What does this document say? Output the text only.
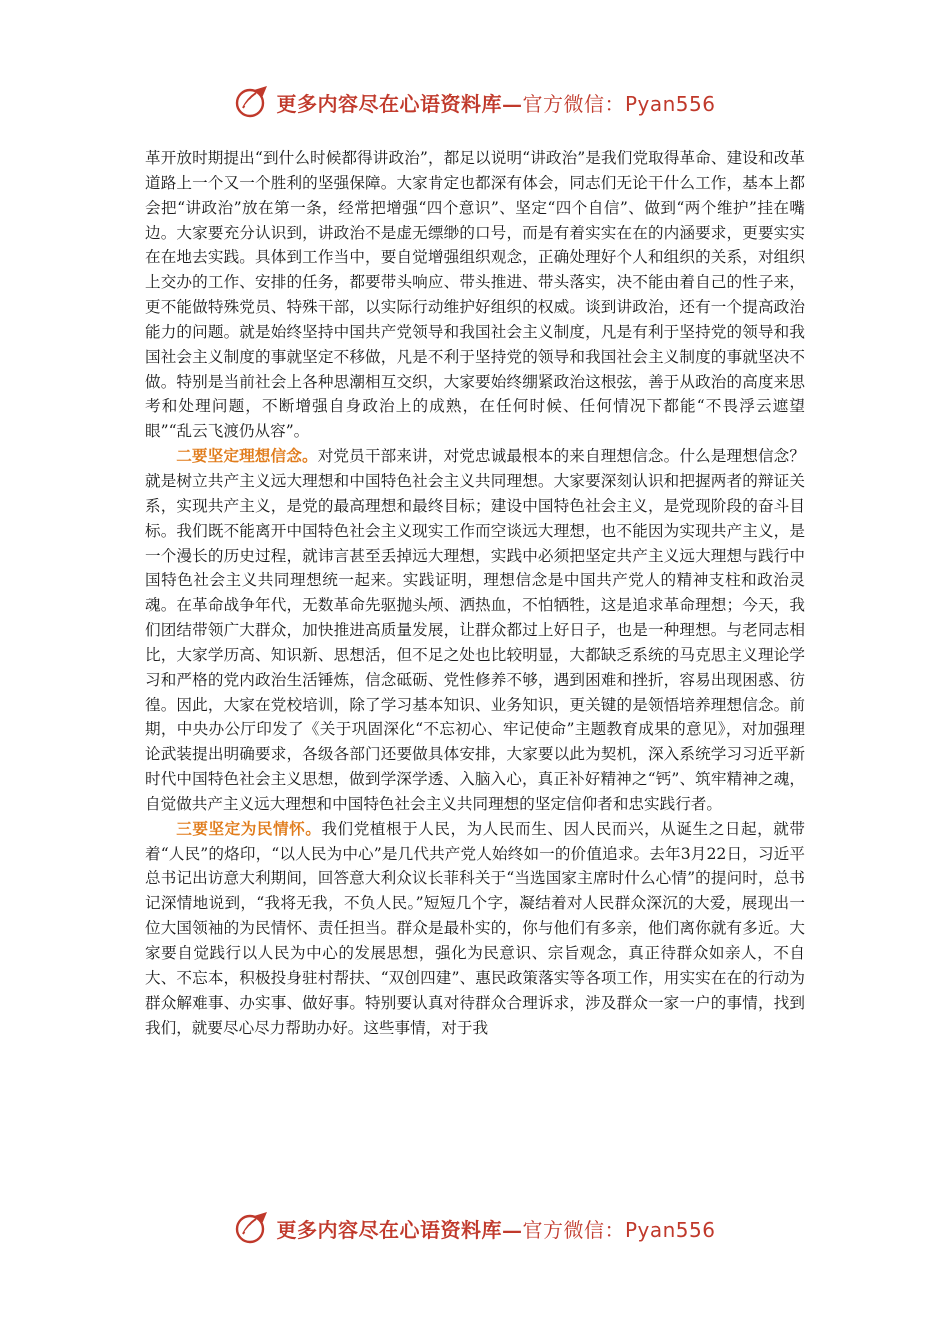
更多内容尽在心语资料库—官方微信：Pyan556

革开放时期提出“到什么时候都得讲政治”，都足以说明“讲政治”是我们党取得革命、建设和改革道路上一个又一个胜利的坚强保障。大家肯定也都深有体会，同志们无论干什么工作，基本上都会把“讲政治”放在第一条，经常把增强“四个意识”、坚定“四个自信”、做到“两个维护”挂在嘴边。大家要充分认识到，讲政治不是虚无缥缈的口号，而是有着实实在在的内涵要求，更要实实在在地去实践。具体到工作当中，要自觉增强组织观念，正确处理好个人和组织的关系，对组织上交办的工作、安排的任务，都要带头响应、带头推进、带头落实，决不能由着自己的性子来，更不能做特殊党员、特殊干部，以实际行动维护好组织的权威。谈到讲政治，还有一个提高政治能力的问题。就是始终坚持中国共产党领导和我国社会主义制度，凡是有利于坚持党的领导和我国社会主义制度的事就坚定不移做，凡是不利于坚持党的领导和我国社会主义制度的事就坚决不做。特别是当前社会上各种思潮相互交织，大家要始终绷紧政治这根弦，善于从政治的高度来思考和处理问题，不断增强自身政治上的成熟，在任何时候、任何情况下都能“不畏浮云遮望眼”“乱云飞渡仍从容”。

二要坚定理想信念。对党员干部来讲，对党忠诚最根本的来自理想信念。什么是理想信念？就是树立共产主义远大理想和中国特色社会主义共同理想。大家要深刻认识和把握两者的辩证关系，实现共产主义，是党的最高理想和最终目标；建设中国特色社会主义，是党现阶段的奋斗目标。我们既不能离开中国特色社会主义现实工作而空谈远大理想，也不能因为实现共产主义，是一个漫长的历史过程，就讳言甚至丢掉远大理想，实践中必须把坚定共产主义远大理想与践行中国特色社会主义共同理想统一起来。实践证明，理想信念是中国共产党人的精神支柱和政治灵魂。在革命战争年代，无数革命先驱抛头颅、洒热血，不怕牺牲，这是追求革命理想；今天，我们团结带领广大群众，加快推进高质量发展，让群众都过上好日子，也是一种理想。与老同志相比，大家学历高、知识新、思想活，但不足之处也比较明显，大都缺乏系统的马克思主义理论学习和严格的党内政治生活锤炼，信念砥砺、党性修养不够，遇到困难和挫折，容易出现困惑、彷徨。因此，大家在党校培训，除了学习基本知识、业务知识，更关键的是领悟培养理想信念。前期，中央办公厅印发了《关于巩固深化“不忘初心、牢记使命”主题教育成果的意见》，对加强理论武装提出明确要求，各级各部门还要做具体安排，大家要以此为契机，深入系统学习习近平新时代中国特色社会主义思想，做到学深学透、入脑入心，真正补好精神之“钙”、筑牢精神之魂，自觉做共产主义远大理想和中国特色社会主义共同理想的坚定信仰者和忠实践行者。

三要坚定为民情怀。我们党植根于人民，为人民而生、因人民而兴，从诞生之日起，就带着“人民”的烙印，“以人民为中心”是几代共产党人始终如一的价值追求。去年3月22日，习近平总书记出访意大利期间，回答意大利众议长菲科关于“当选国家主席时什么心情”的提问时，总书记深情地说到，“我将无我，不负人民。”短短几个字，凝结着对人民群众深沉的大爱，展现出一位大国领袖的为民情怀、责任担当。群众是最朴实的，你与他们有多亲，他们离你就有多近。大家要自觉践行以人民为中心的发展思想，强化为民意识、宗旨观念，真正待群众如亲人，不自大、不忘本，积极投身驻村帮扶、“双创四建”、惠民政策落实等各项工作，用实实在在的行动为群众解难事、办实事、做好事。特别要认真对待群众合理诉求，涉及群众一家一户的事情，找到我们，就要尽心尽力帮助办好。这些事情，对于我

更多内容尽在心语资料库—官方微信：Pyan556
